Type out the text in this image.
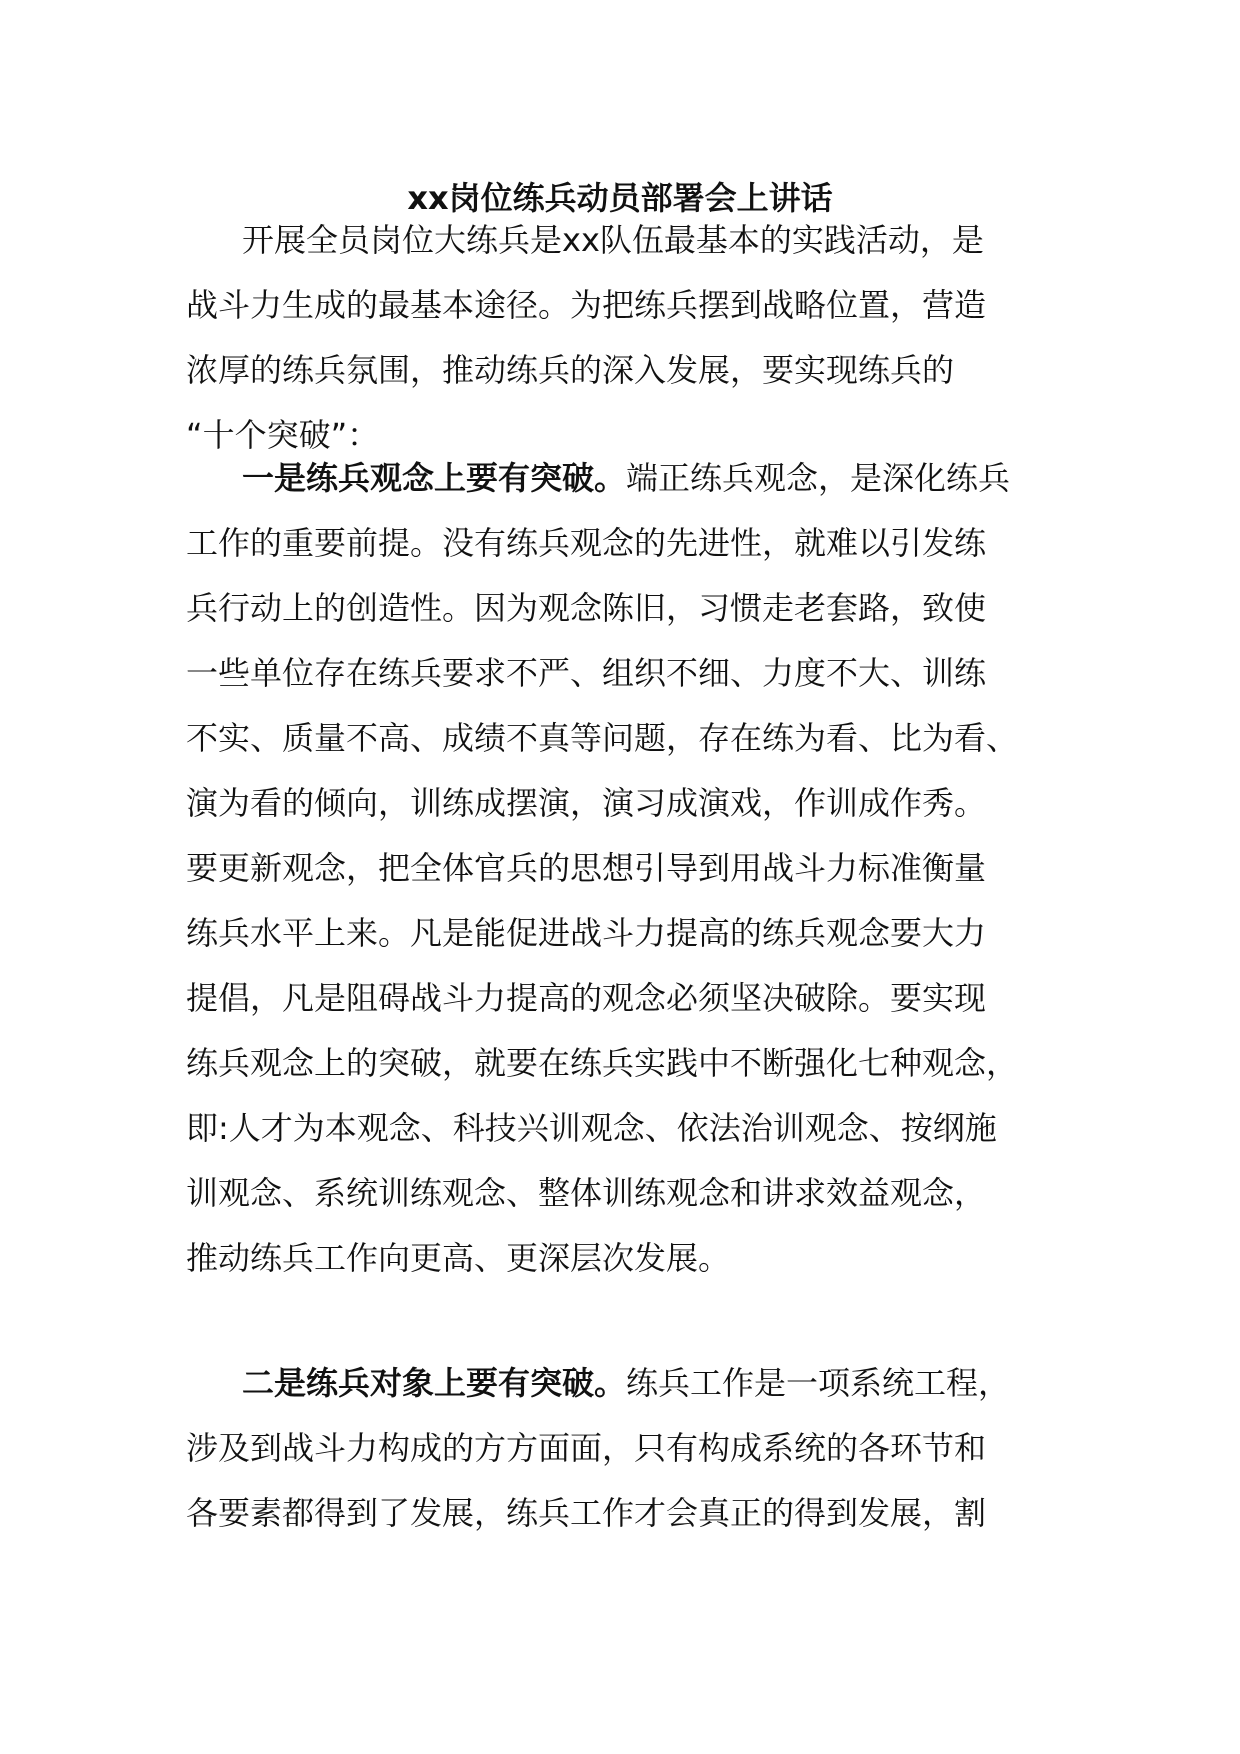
xx岗位练兵动员部署会上讲话
开展全员岗位大练兵是xx队伍最基本的实践活动，是
战斗力生成的最基本途径。为把练兵摆到战略位置，营造
浓厚的练兵氛围，推动练兵的深入发展，要实现练兵的
“十个突破”：
一是练兵观念上要有突破。端正练兵观念，是深化练兵
工作的重要前提。没有练兵观念的先进性，就难以引发练
兵行动上的创造性。因为观念陈旧，习惯走老套路，致使
一些单位存在练兵要求不严、组织不细、力度不大、训练
不实、质量不高、成绩不真等问题，存在练为看、比为看、
演为看的倾向，训练成摆演，演习成演戏，作训成作秀。
要更新观念，把全体官兵的思想引导到用战斗力标准衡量
练兵水平上来。凡是能促进战斗力提高的练兵观念要大力
提倡，凡是阻碍战斗力提高的观念必须坚决破除。要实现
练兵观念上的突破，就要在练兵实践中不断强化七种观念，
即:人才为本观念、科技兴训观念、依法治训观念、按纲施
训观念、系统训练观念、整体训练观念和讲求效益观念，
推动练兵工作向更高、更深层次发展。
二是练兵对象上要有突破。练兵工作是一项系统工程，
涉及到战斗力构成的方方面面，只有构成系统的各环节和
各要素都得到了发展，练兵工作才会真正的得到发展，割
